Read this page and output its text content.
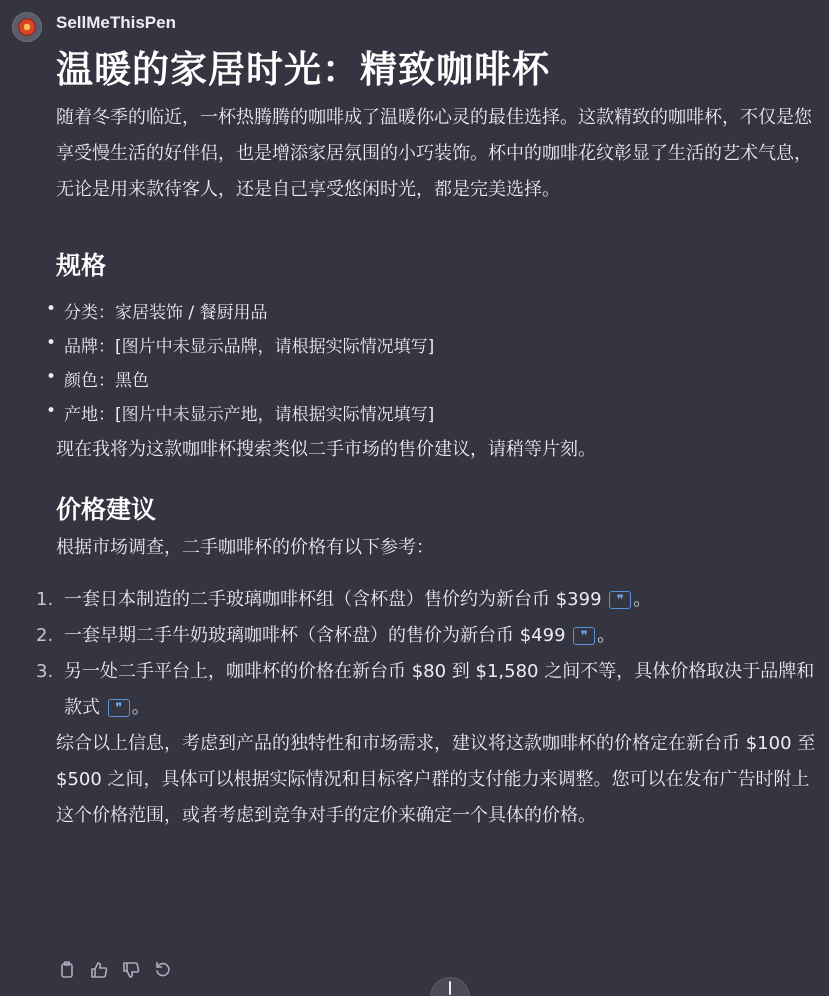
SellMeThisPen
温暖的家居时光：精致咖啡杯

随着冬季的临近，一杯热腾腾的咖啡成了温暖你心灵的最佳选择。这款精致的咖啡杯，不仅是您享受慢生活的好伴侣，也是增添家居氛围的小巧装饰。杯中的咖啡花纹彰显了生活的艺术气息，无论是用来款待客人，还是自己享受悠闲时光，都是完美选择。

规格
• 分类：家居装饰 / 餐厨用品
• 品牌：[图片中未显示品牌，请根据实际情况填写]
• 颜色：黑色
• 产地：[图片中未显示产地，请根据实际情况填写]

现在我将为这款咖啡杯搜索类似二手市场的售价建议，请稍等片刻。

价格建议

根据市场调查，二手咖啡杯的价格有以下参考：

1. 一套日本制造的二手玻璃咖啡杯组（含杯盘）售价约为新台币 $399 ❞ 。
2. 一套早期二手牛奶玻璃咖啡杯（含杯盘）的售价为新台币 $499 ❞ 。
3. 另一处二手平台上，咖啡杯的价格在新台币 $80 到 $1,580 之间不等，具体价格取决于品牌和款式 ❞ 。

综合以上信息，考虑到产品的独特性和市场需求，建议将这款咖啡杯的价格定在新台币 $100 至 $500 之间，具体可以根据实际情况和目标客户群的支付能力来调整。您可以在发布广告时附上这个价格范围，或者考虑到竞争对手的定价来确定一个具体的价格。
